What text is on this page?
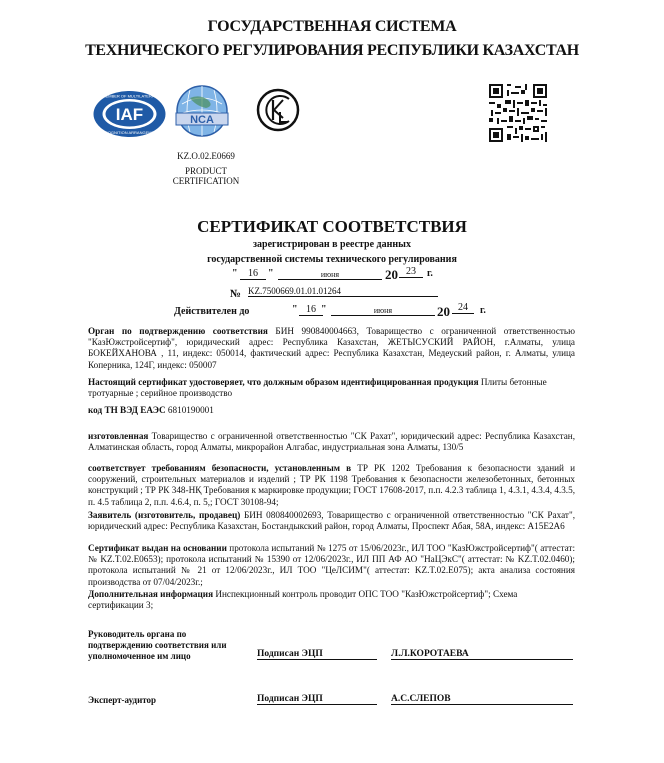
ГОСУДАРСТВЕННАЯ СИСТЕМА
ТЕХНИЧЕСКОГО РЕГУЛИРОВАНИЯ РЕСПУБЛИКИ КАЗАХСТАН
IAF
MEMBER OF MULTILATERAL
RECOGNITION ARRANGEMENT
NCA
KZ.O.02.E0669
PRODUCT
CERTIFICATION
СЕРТИФИКАТ СООТВЕТСТВИЯ
зарегистрирован в реестре данных
государственной системы технического регулирования
"	16	"	июня	20 23	г.
№ KZ.7500669.01.01.01264
Действителен до	" 16 "	июня	20 24	г.
Орган по подтверждению соответствия БИН 990840004663, Товарищество с ограниченной ответственностью "КазЮжстройсертиф", юридический адрес: Республика Казахстан, ЖЕТЫСУСКИЙ РАЙОН, г.Алматы, улица БОКЕЙХАНОВА , 11, индекс: 050014, фактический адрес: Республика Казахстан, Медеуский район, г. Алматы, улица Коперника, 124Г, индекс: 050007
Настоящий сертификат удостоверяет, что должным образом идентифицированная продукция Плиты бетонные тротуарные ; серийное производство
код ТН ВЭД ЕАЭС 6810190001
изготовленная Товарищество с ограниченной ответственностью "СК Рахат", юридический адрес: Республика Казахстан, Алматинская область, город Алматы, микрорайон Алгабас, индустриальная зона Алматы, 130/5
соответствует требованиям безопасности, установленным в ТР РК 1202 Требования к безопасности зданий и сооружений, строительных материалов и изделий ; ТР РК 1198 Требования к безопасности железобетонных, бетонных конструкций ; ТР РК 348-НҚ Требования к маркировке продукции; ГОСТ 17608-2017, п.п. 4.2.3 таблица 1, 4.3.1, 4.3.4, 4.3.5, п. 4.5 таблица 2, п.п. 4.6.4, п. 5,; ГОСТ 30108-94;
Заявитель (изготовитель, продавец) БИН 080840002693, Товарищество с ограниченной ответственностью "СК Рахат", юридический адрес: Республика Казахстан, Бостандыкский район, город Алматы, Проспект Абая, 58А, индекс: А15Е2А6
Сертификат выдан на основании протокола испытаний № 1275 от 15/06/2023г., ИЛ ТОО "КазЮжстройсертиф"( аттестат: № KZ.T.02.E0653); протокола испытаний № 15390 от 12/06/2023г., ИЛ ПП АФ АО "НаЦЭкС"( аттестат: № KZ.T.02.0460); протокола испытаний № 21 от 12/06/2023г., ИЛ ТОО "ЦеЛСИМ"( аттестат: KZ.T.02.E075); акта анализа состояния производства от 07/04/2023г.;
Дополнительная информация Инспекционный контроль проводит ОПС ТОО "КазЮжстройсертиф"; Схема сертификации 3;
Руководитель органа по
подтверждению соответствия или
уполномоченное им лицо	Подписан ЭЦП	Л.Л.КОРОТАЕВА
Эксперт-аудитор	Подписан ЭЦП	А.С.СЛЕПОВ
